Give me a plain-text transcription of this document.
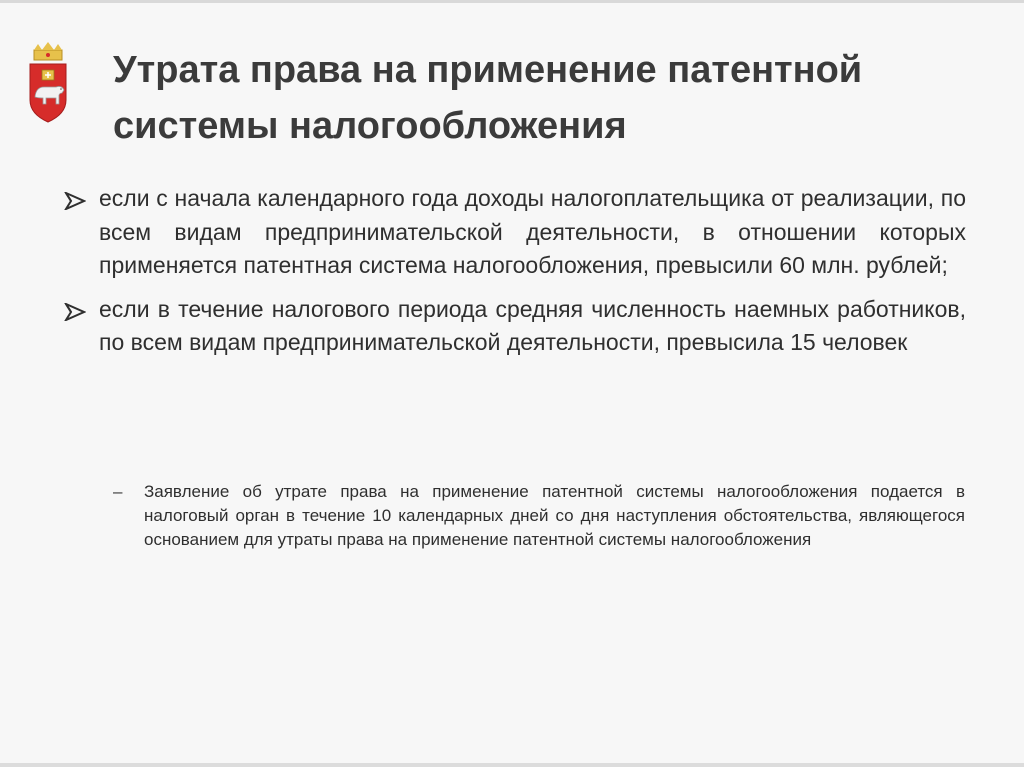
Утрата права на применение патентной системы налогообложения
если с начала календарного года доходы налогоплательщика от реализации, по всем видам предпринимательской деятельности, в отношении которых применяется патентная система налогообложения, превысили 60 млн. рублей;
если в течение налогового периода средняя численность наемных работников, по всем видам предпринимательской деятельности, превысила 15 человек
– Заявление об утрате права на применение патентной системы налогообложения подается в налоговый орган в течение 10 календарных дней со дня наступления обстоятельства, являющегося основанием для утраты права на применение патентной системы налогообложения
